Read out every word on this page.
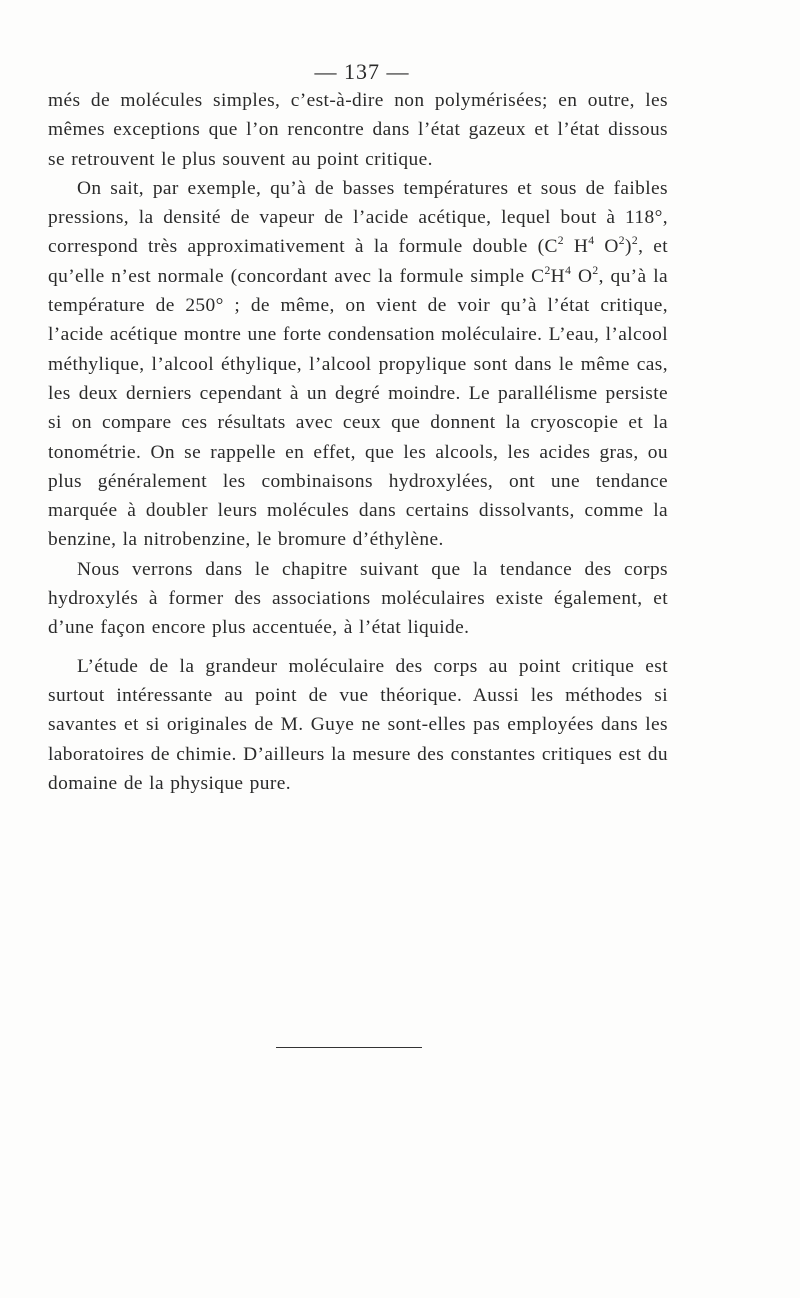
— 137 —

més de molécules simples, c’est-à-dire non polymérisées; en outre, les mêmes exceptions que l’on rencontre dans l’état gazeux et l’état dissous se retrouvent le plus souvent au point critique.

On sait, par exemple, qu’à de basses températures et sous de faibles pressions, la densité de vapeur de l’acide acétique, lequel bout à 118°, correspond très approximativement à la formule double ($C^2$ $H^4$ $O^2)^2$, et qu’elle n’est normale (concordant avec la formule simple $C^2H^4$ $O^2$, qu’à la température de 250° ; de même, on vient de voir qu’à l’état critique, l’acide acétique montre une forte condensation moléculaire. L’eau, l’alcool méthylique, l’alcool éthylique, l’alcool propylique sont dans le même cas, les deux derniers cependant à un degré moindre. Le parallélisme persiste si on compare ces résultats avec ceux que donnent la cryoscopie et la tonométrie. On se rappelle en effet, que les alcools, les acides gras, ou plus généralement les combinaisons hydroxylées, ont une tendance marquée à doubler leurs molécules dans certains dissolvants, comme la benzine, la nitrobenzine, le bromure d’éthylène.

Nous verrons dans le chapitre suivant que la tendance des corps hydroxylés à former des associations moléculaires existe également, et d’une façon encore plus accentuée, à l’état liquide.

L’étude de la grandeur moléculaire des corps au point critique est surtout intéressante au point de vue théorique. Aussi les méthodes si savantes et si originales de M. Guye ne sont-elles pas employées dans les laboratoires de chimie. D’ailleurs la mesure des constantes critiques est du domaine de la physique pure.
